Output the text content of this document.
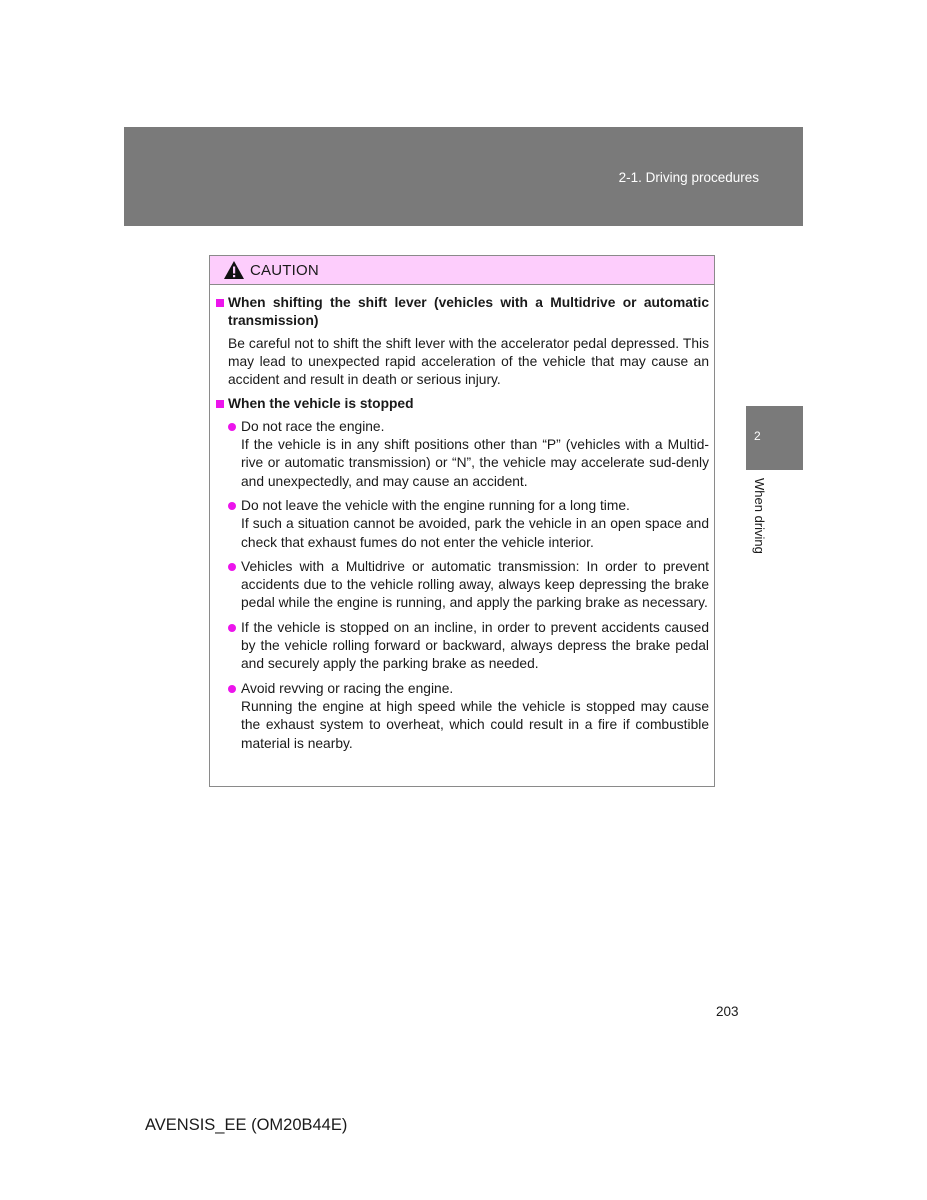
2-1. Driving procedures
CAUTION
When shifting the shift lever (vehicles with a Multidrive or automatic transmission)
Be careful not to shift the shift lever with the accelerator pedal depressed. This may lead to unexpected rapid acceleration of the vehicle that may cause an accident and result in death or serious injury.
When the vehicle is stopped
Do not race the engine.
If the vehicle is in any shift positions other than “P” (vehicles with a Multid-rive or automatic transmission) or “N”, the vehicle may accelerate sud-denly and unexpectedly, and may cause an accident.
Do not leave the vehicle with the engine running for a long time.
If such a situation cannot be avoided, park the vehicle in an open space and check that exhaust fumes do not enter the vehicle interior.
Vehicles with a Multidrive or automatic transmission: In order to prevent accidents due to the vehicle rolling away, always keep depressing the brake pedal while the engine is running, and apply the parking brake as necessary.
If the vehicle is stopped on an incline, in order to prevent accidents caused by the vehicle rolling forward or backward, always depress the brake pedal and securely apply the parking brake as needed.
Avoid revving or racing the engine.
Running the engine at high speed while the vehicle is stopped may cause the exhaust system to overheat, which could result in a fire if combustible material is nearby.
2
When driving
203
AVENSIS_EE (OM20B44E)
